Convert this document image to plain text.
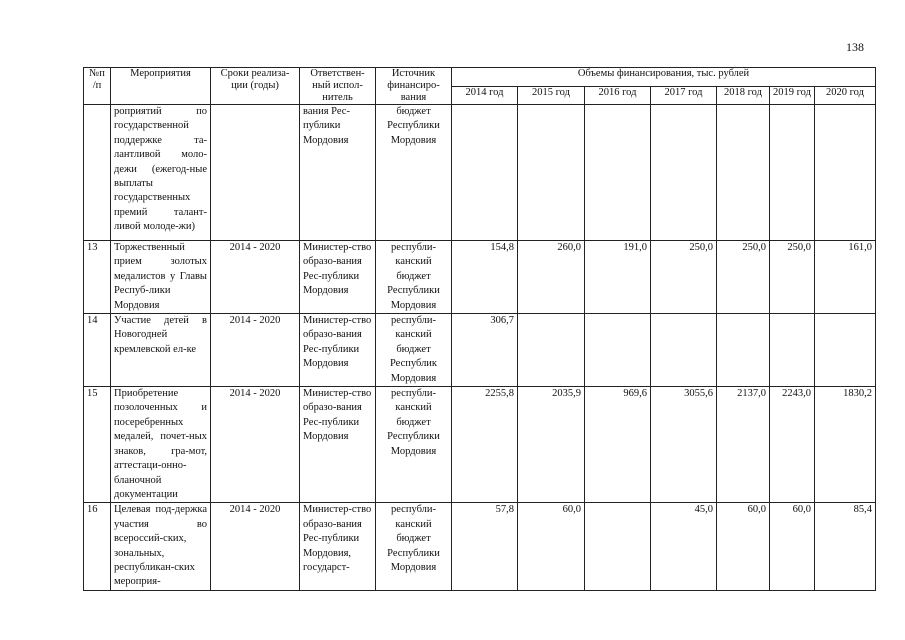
138
№п /п	Мероприятия	Сроки реализа-ции (годы)	Ответствен-ный испол-нитель	Источник финансиро-вания	Объемы финансирования, тыс. рублей						
					2014 год	2015 год	2016 год	2017 год	2018 год	2019 год	2020 год
	роприятий по государственной поддержке та-лантливой моло-дежи (ежегод-ные выплаты государственных премий талант-ливой молоде-жи)		вания Рес-публики Мордовия	бюджет Республики Мордовия							
13	Торжественный прием золотых медалистов у Главы Респуб-лики Мордовия	2014 - 2020	Министер-ство образо-вания Рес-публики Мордовия	республи-канский бюджет Республики Мордовия	154,8	260,0	191,0	250,0	250,0	250,0	161,0
14	Участие детей в Новогодней кремлевской ел-ке	2014 - 2020	Министер-ство образо-вания Рес-публики Мордовия	республи-канский бюджет Республик Мордовия	306,7						
15	Приобретение позолоченных и посеребренных медалей, почет-ных знаков, гра-мот, аттестаци-онно-бланочной документации	2014 - 2020	Министер-ство образо-вания Рес-публики Мордовия	республи-канский бюджет Республики Мордовия	2255,8	2035,9	969,6	3055,6	2137,0	2243,0	1830,2
16	Целевая под-держка участия во всероссий-ских, зональных, республикан-ских мероприя-	2014 - 2020	Министер-ство образо-вания Рес-публики Мордовия, государст-	республи-канский бюджет Республики Мордовия	57,8	60,0		45,0	60,0	60,0	85,4
